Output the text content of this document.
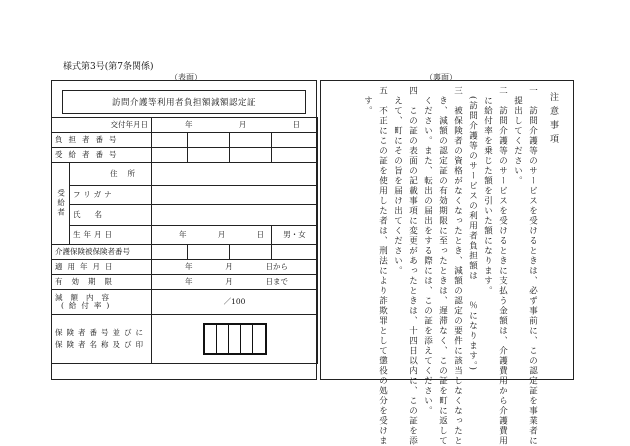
様式第3号(第7条関係)
（表面）	（裏面）
訪問介護等利用者負担額減額認定証
交付年月日		年 月 日			

負担者番号					
受給者番号					
受給者	住所				
	フリガナ				
	氏名				
	生年月日	年 月 日			男・女
介護保険被保険者番号					
適用年月日		年 月 日から			

有効期限		年 月 日まで			

減額内容
(給付率)		／100			
保険者番号並びに保険者名称及び印					
注意事項
一　訪問介護等のサービスを受けるときは、必ず事前に、この認定証を事業者に
　提出してください。
二　訪問介護等のサービスを受けるときに支払う金額は、介護費用から介護費用
　に給付率を乗じた額を引いた額になります。
　(訪問介護等のサービスの利用者負担額は　　％になります。)
三　被保険者の資格がなくなったとき、減額の認定の要件に該当しなくなったと
　き、減額の認定証の有効期限に至ったときは、遅滞なく、この証を町に返して
　ください。また、転出の届出をする際には、この証を添えてください。
四　この証の表面の記載事項に変更があったときは、十四日以内に、この証を添
　えて、町にその旨を届け出てください。
五　不正にこの証を使用した者は、刑法により詐欺罪として懲役の処分を受けま
　す。
